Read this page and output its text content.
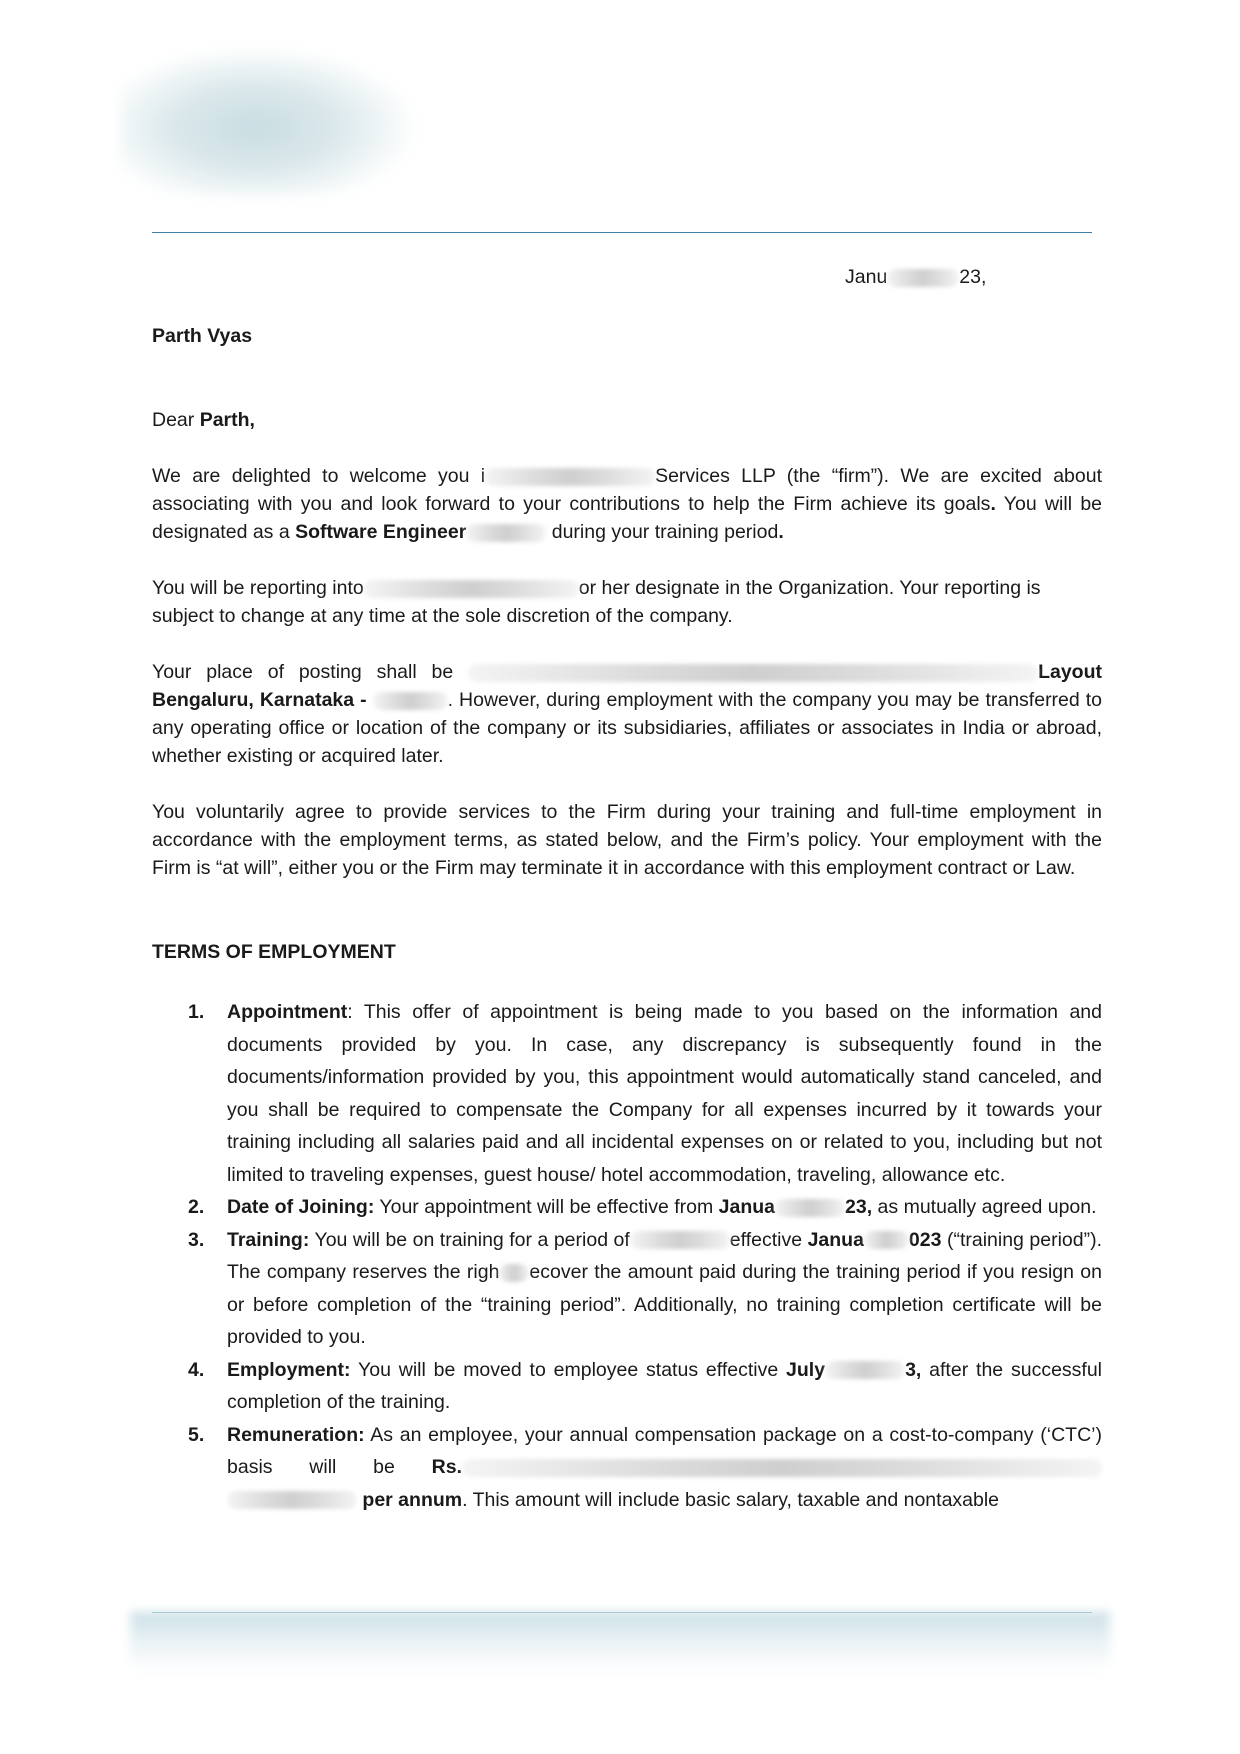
Janu	23,
Parth Vyas
Dear Parth,
We are delighted to welcome you i	Services LLP (the “firm”). We are excited about associating with you and look forward to your contributions to help the Firm achieve its goals. You will be designated as a Software Engineer	during your training period.
You will be reporting into	or her designate in the Organization. Your reporting is subject to change at any time at the sole discretion of the company.
Your place of posting shall be	Layout Bengaluru, Karnataka -	. However, during employment with the company you may be transferred to any operating office or location of the company or its subsidiaries, affiliates or associates in India or abroad, whether existing or acquired later.
You voluntarily agree to provide services to the Firm during your training and full-time employment in accordance with the employment terms, as stated below, and the Firm’s policy. Your employment with the Firm is “at will”, either you or the Firm may terminate it in accordance with this employment contract or Law.
TERMS OF EMPLOYMENT
1. Appointment: This offer of appointment is being made to you based on the information and documents provided by you. In case, any discrepancy is subsequently found in the documents/information provided by you, this appointment would automatically stand canceled, and you shall be required to compensate the Company for all expenses incurred by it towards your training including all salaries paid and all incidental expenses on or related to you, including but not limited to traveling expenses, guest house/ hotel accommodation, traveling, allowance etc.
2. Date of Joining: Your appointment will be effective from Janua	23, as mutually agreed upon.
3. Training: You will be on training for a period of	effective Janua 023 (“training period”). The company reserves the righ ecover the amount paid during the training period if you resign on or before completion of the “training period”. Additionally, no training completion certificate will be provided to you.
4. Employment: You will be moved to employee status effective July	3, after the successful completion of the training.
5. Remuneration: As an employee, your annual compensation package on a cost-to-company (‘CTC’) basis will be Rs.  per annum. This amount will include basic salary, taxable and nontaxable
